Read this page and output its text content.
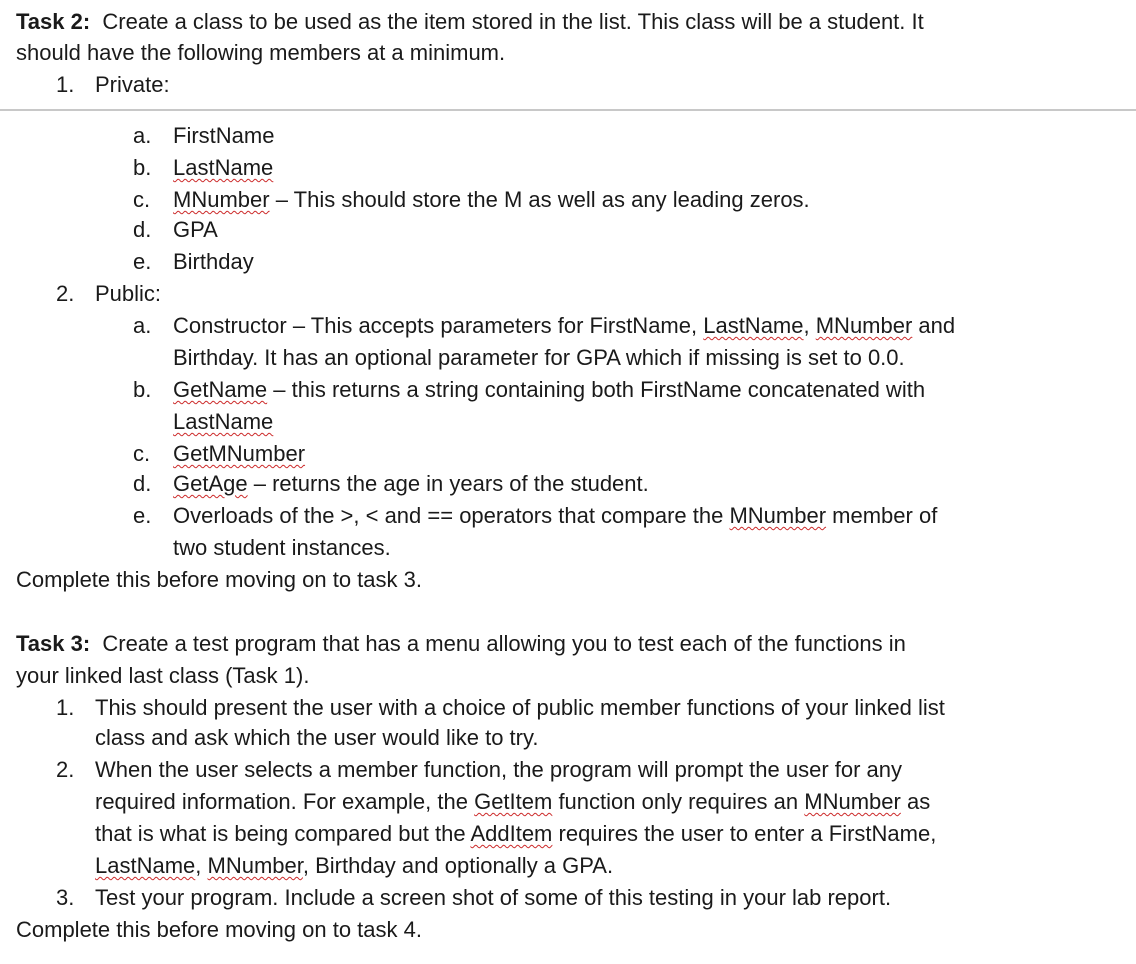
Task 2: Create a class to be used as the item stored in the list. This class will be a student. It
should have the following members at a minimum.
1. Private:
a. FirstName
b. LastName
c. MNumber – This should store the M as well as any leading zeros.
d. GPA
e. Birthday
2. Public:
a. Constructor – This accepts parameters for FirstName, LastName, MNumber and
Birthday. It has an optional parameter for GPA which if missing is set to 0.0.
b. GetName – this returns a string containing both FirstName concatenated with
LastName
c. GetMNumber
d. GetAge – returns the age in years of the student.
e. Overloads of the >, < and == operators that compare the MNumber member of
two student instances.
Complete this before moving on to task 3.
Task 3: Create a test program that has a menu allowing you to test each of the functions in
your linked last class (Task 1).
1. This should present the user with a choice of public member functions of your linked list
class and ask which the user would like to try.
2. When the user selects a member function, the program will prompt the user for any
required information. For example, the GetItem function only requires an MNumber as
that is what is being compared but the AddItem requires the user to enter a FirstName,
LastName, MNumber, Birthday and optionally a GPA.
3. Test your program. Include a screen shot of some of this testing in your lab report.
Complete this before moving on to task 4.
